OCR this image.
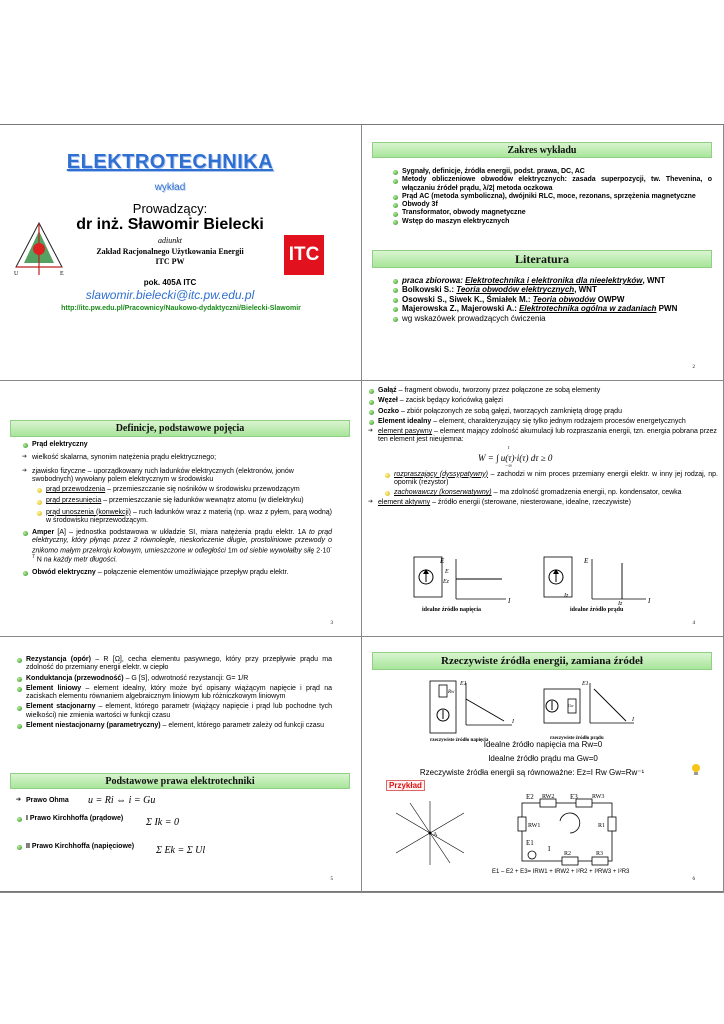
ELEKTROTECHNIKA
wykład
U	E
Prowadzący:
dr inż. Sławomir Bielecki
adiunkt
Zakład Racjonalnego Użytkowania Energii
ITC PW	ITC
pok. 405A ITC
slawomir.bielecki@itc.pw.edu.pl
http://itc.pw.edu.pl/Pracownicy/Naukowo-dydaktyczni/Bielecki-Slawomir
Zakres wykładu
Sygnały, definicje, źródła energii, podst. prawa, DC, AC
Metody obliczeniowe obwodów elektrycznych: zasada superpozycji, tw. Thevenina, o włączaniu źródeł prądu, λ/2| metoda oczkowa
Prąd AC (metoda symboliczna), dwójniki RLC, moce, rezonans, sprzężenia magnetyczne
Obwody 3f
Transformator, obwody magnetyczne
Wstęp do maszyn elektrycznych
Literatura
praca zbiorowa: Elektrotechnika i elektronika dla nieelektryków, WNT
Bolkowski S.: Teoria obwodów elektrycznych, WNT
Osowski S., Siwek K., Śmiałek M.: Teoria obwodów OWPW
Majerowska Z., Majerowski A.: Elektrotechnika ogólna w zadaniach PWN
wg wskazówek prowadzących ćwiczenia
2
Definicje, podstawowe pojęcia
Prąd elektryczny
➔ wielkość skalarna, synonim natężenia prądu elektrycznego;
➔ zjawisko fizyczne – uporządkowany ruch ładunków elektrycznych (elektronów, jonów swobodnych) wywołany polem elektrycznym w środowisku
prąd przewodzenia – przemieszczanie się nośników w środowisku przewodzącym
prąd przesunięcia – przemieszczanie się ładunków wewnątrz atomu (w dielektryku)
prąd unoszenia (konwekcji) – ruch ładunków wraz z materią (np. wraz z pyłem, parą wodną) w środowisku nieprzewodzącym.
Amper [A] – jednostka podstawowa w układzie SI, miara natężenia prądu elektr. 1A to prąd elektryczny, który płynąc przez 2 równoległe, nieskończenie długie, prostoliniowe przewody o znikomo małym przekroju kołowym, umieszczone w odległości 1m od siebie wywołałby siłę $2\cdot 10^{-7}$ N na każdy metr długości.
Obwód elektryczny – połączenie elementów umożliwiające przepływ prądu elektr.
3
Gałąź – fragment obwodu, tworzony przez połączone ze sobą elementy
Węzeł – zacisk będący końcówką gałęzi
Oczko – zbiór połączonych ze sobą gałęzi, tworzących zamkniętą drogę prądu
Element idealny – element, charakteryzujący się tylko jednym rodzajem procesów energetycznych
➔ element pasywny – element mający zdolność akumulacji lub rozpraszania energii, tzn. energia pobrana przez ten element jest nieujemna:
W = ∫ u(τ)·i(τ) dτ ≥ 0
t
−∞
rozpraszający (dyssypatywny) – zachodzi w nim proces przemiany energii elektr. w inny jej rodzaj, np. opornik (rezystor)
zachowawczy (konserwatywny) – ma zdolność gromadzenia energii, np. kondensator, cewka
➔ element aktywny – źródło energii (sterowane, niesterowane, idealne, rzeczywiste)
E
Ez
E
I
idealne źródło napięcia
Iz
E
Iz	I
idealne źródło prądu
4
Rezystancja (opór) – R [Ω], cecha elementu pasywnego, który przy przepływie prądu ma zdolność do przemiany energii elektr. w ciepło
Konduktancja (przewodność) – G [S], odwrotność rezystancji: G= 1/R
Element liniowy – element idealny, który może być opisany wiążącym napięcie i prąd na zaciskach elementu równaniem algebraicznym liniowym lub różniczkowym liniowym
Element stacjonarny – element, którego parametr (wiążący napięcie i prąd lub pochodne tych wielkości) nie zmienia wartości w funkcji czasu
Element niestacjonarny (parametryczny) – element, którego parametr zależy od funkcji czasu
Podstawowe prawa elektrotechniki
➔ Prawo Ohma
I Prawo Kirchhoffa (prądowe)
II Prawo Kirchhoffa (napięciowe)
u = Ri ⇔ i = Gu
Σ Ik = 0
Σ Ek = Σ Ul
5
Rzeczywiste źródła energii, zamiana źródeł
Rw
E1
I
rzeczywiste źródło napięcia
Gw
E1
I
rzeczywiste źródło prądu
Idealne źródło napięcia ma Rw=0
Idealne źródło prądu ma Gw=0
Rzeczywiste źródła energii są równoważne: Ez=I Rw Gw=Rw⁻¹
Przykład
A
E2 RW2 E3 RW3
RW1	R1
E1
I
R2	R3
E1 – E2 + E3= IRW1 + IRW2 + I²R2 + I³RW3 + I²R3
6
